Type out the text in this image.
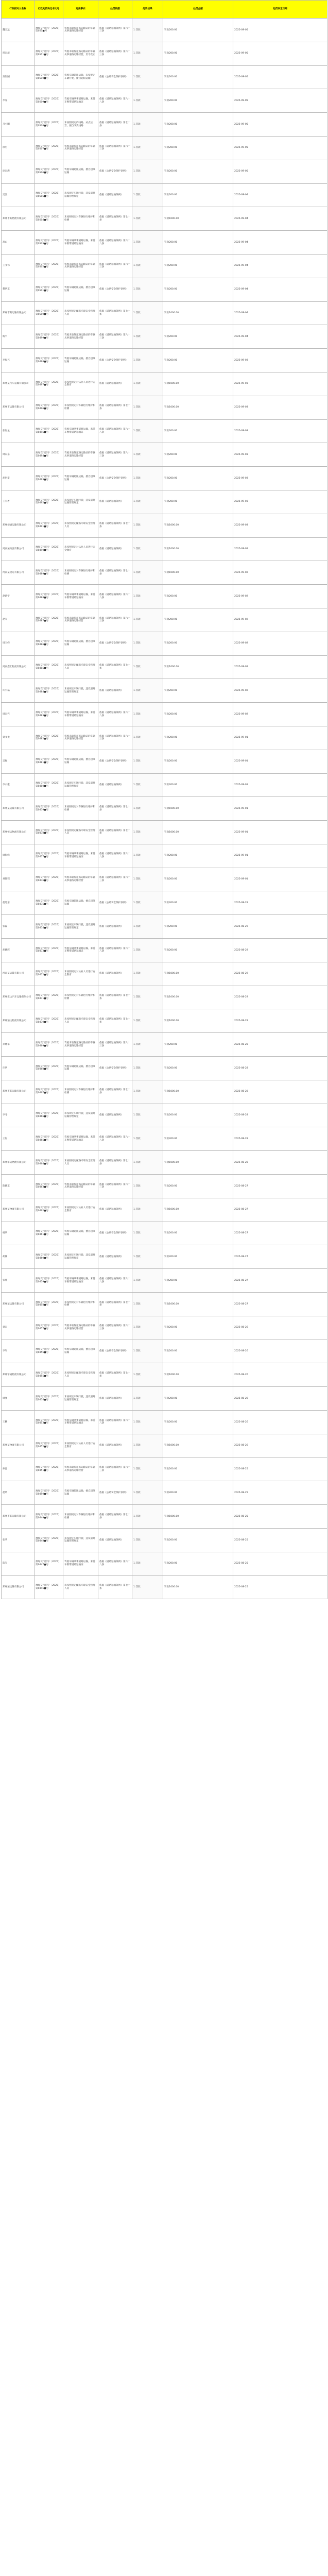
行政相对人名称	行政处罚决定书文号	违法事实	处罚依据	处罚结果	处罚金额	处罚决定日期
魏宏远	豫绿交行罚字〔2025〕第051■号	驾驶未取得道路运输证的车辆从事道路运输经营	依据《道路运输条例》第六十三条	1.罚款	罚款200.00	2025-09-05
邢东清	豫绿交行罚字〔2025〕第0511■号	驾驶未取得道路运输证的车辆从事道路运输经营，责令改正	依据《道路运输条例》第六十三条	1.罚款	罚款200.00	2025-09-05
秦世国	豫绿交行罚字〔2025〕第0510■号	驾驶车辆超限运输，未按规定车辆行驶，擅自超限运输	依据《公路安全保护条例》	1.罚款	罚款200.00	2025-09-05
李春	豫绿交行罚字〔2025〕第0509■号	驾驶车辆从事道路运输，未随车携带道路运输证	依据《道路运输条例》第六十八条	1.罚款	罚款200.00	2025-09-05
马小刚	豫绿交行罚字〔2025〕第0508■号	未按照规定的线路、站点运营，擅自改变线路	依据《道路运输条例》第七十条	1.罚款	罚款200.00	2025-09-05
邢宏	豫绿交行罚字〔2025〕第0507■号	驾驶未取得道路运输证的车辆从事道路运输经营	依据《道路运输条例》第六十三条	1.罚款	罚款200.00	2025-09-05
徐东海	豫绿交行罚字〔2025〕第0506■号	驾驶车辆超限运输，擅自超限运输	依据《公路安全保护条例》	1.罚款	罚款200.00	2025-09-05
吴江	豫绿交行罚字〔2025〕第0505■号	未按规定车辆行驶，违反道路运输管理规定	依据《道路运输条例》	1.罚款	罚款200.00	2025-09-04
郑州市某物流有限公司	豫绿交行罚字〔2025〕第0504■号	未按照规定对车辆进行维护和检测	依据《道路运输条例》第七十条	1.罚款	罚款1000.00	2025-09-04
高山	豫绿交行罚字〔2025〕第0503■号	驾驶车辆从事道路运输，未随车携带道路运输证	依据《道路运输条例》第六十八条	1.罚款	罚款200.00	2025-09-04
王文伟	豫绿交行罚字〔2025〕第0502■号	驾驶未取得道路运输证的车辆从事道路运输经营	依据《道路运输条例》第六十三条	1.罚款	罚款200.00	2025-09-04
樊明东	豫绿交行罚字〔2025〕第0501■号	驾驶车辆超限运输，擅自超限运输	依据《公路安全保护条例》	1.罚款	罚款200.00	2025-09-04
郑州市某运输有限公司	豫绿交行罚字〔2025〕第0500■号	未按照规定配备专职安全管理人员	依据《道路运输条例》第七十条	1.罚款	罚款1000.00	2025-09-04
杨宇	豫绿交行罚字〔2025〕第0499■号	驾驶未取得道路运输证的车辆从事道路运输经营	依据《道路运输条例》第六十三条	1.罚款	罚款200.00	2025-09-04
李振兴	豫绿交行罚字〔2025〕第0498■号	驾驶车辆超限运输，擅自超限运输	依据《公路安全保护条例》	1.罚款	罚款200.00	2025-09-03
郑州某汽车运输有限公司	豫绿交行罚字〔2025〕第0497■号	未按照规定对从业人员进行安全教育	依据《道路运输条例》	1.罚款	罚款1000.00	2025-09-03
郑州市运输有限公司	豫绿交行罚字〔2025〕第0496■号	未按照规定对车辆进行维护和检测	依据《道路运输条例》第七十条	1.罚款	罚款1000.00	2025-09-03
张海星	豫绿交行罚字〔2025〕第0495■号	驾驶车辆从事道路运输，未随车携带道路运输证	依据《道路运输条例》第六十八条	1.罚款	罚款200.00	2025-09-03
周东东	豫绿交行罚字〔2025〕第0494■号	驾驶未取得道路运输证的车辆从事道路运输经营	依据《道路运输条例》第六十三条	1.罚款	罚款200.00	2025-09-03
胡世豪	豫绿交行罚字〔2025〕第0493■号	驾驶车辆超限运输，擅自超限运输	依据《公路安全保护条例》	1.罚款	罚款200.00	2025-09-03
王有才	豫绿交行罚字〔2025〕第0492■号	未按规定车辆行驶，违反道路运输管理规定	依据《道路运输条例》	1.罚款	罚款200.00	2025-09-03
郑州捷通运输有限公司	豫绿交行罚字〔2025〕第0491■号	未按照规定配备专职安全管理人员	依据《道路运输条例》第七十条	1.罚款	罚款1000.00	2025-09-03
河南某物流有限公司	豫绿交行罚字〔2025〕第0490■号	未按照规定对从业人员进行安全教育	依据《道路运输条例》	1.罚款	罚款1000.00	2025-09-02
河南某货运有限公司	豫绿交行罚字〔2025〕第0489■号	未按照规定对车辆进行维护和检测	依据《道路运输条例》第七十条	1.罚款	罚款1000.00	2025-09-02
赵新宇	豫绿交行罚字〔2025〕第0488■号	驾驶车辆从事道路运输，未随车携带道路运输证	依据《道路运输条例》第六十八条	1.罚款	罚款200.00	2025-09-02
赵军	豫绿交行罚字〔2025〕第0487■号	驾驶未取得道路运输证的车辆从事道路运输经营	依据《道路运输条例》第六十三条	1.罚款	罚款200.00	2025-09-02
周玉峰	豫绿交行罚字〔2025〕第0486■号	驾驶车辆超限运输，擅自超限运输	依据《公路安全保护条例》	1.罚款	罚款200.00	2025-09-02
河南鑫汇物流有限公司	豫绿交行罚字〔2025〕第0485■号	未按照规定配备专职安全管理人员	依据《道路运输条例》第七十条	1.罚款	罚款1000.00	2025-09-02
许小磊	豫绿交行罚字〔2025〕第0484■号	未按规定车辆行驶，违反道路运输管理规定	依据《道路运输条例》	1.罚款	罚款200.00	2025-09-02
周东亮	豫绿交行罚字〔2025〕第0483■号	驾驶车辆从事道路运输，未随车携带道路运输证	依据《道路运输条例》第六十八条	1.罚款	罚款200.00	2025-09-02
刘文龙	豫绿交行罚字〔2025〕第0482■号	驾驶未取得道路运输证的车辆从事道路运输经营	依据《道路运输条例》第六十三条	1.罚款	罚款200.00	2025-09-01
吴振	豫绿交行罚字〔2025〕第0481■号	驾驶车辆超限运输，擅自超限运输	依据《公路安全保护条例》	1.罚款	罚款200.00	2025-09-01
李小康	豫绿交行罚字〔2025〕第0480■号	未按规定车辆行驶，违反道路运输管理规定	依据《道路运输条例》	1.罚款	罚款200.00	2025-09-01
郑州某运输有限公司	豫绿交行罚字〔2025〕第0479■号	未按照规定对车辆进行维护和检测	依据《道路运输条例》第七十条	1.罚款	罚款1000.00	2025-09-01
郑州恒运物流有限公司	豫绿交行罚字〔2025〕第0478■号	未按照规定配备专职安全管理人员	依据《道路运输条例》第七十条	1.罚款	罚款1000.00	2025-09-01
周海峰	豫绿交行罚字〔2025〕第0477■号	驾驶车辆从事道路运输，未随车携带道路运输证	依据《道路运输条例》第六十八条	1.罚款	罚款200.00	2025-09-01
刘锦程	豫绿交行罚字〔2025〕第0476■号	驾驶未取得道路运输证的车辆从事道路运输经营	依据《道路运输条例》第六十三条	1.罚款	罚款200.00	2025-09-01
赵旭东	豫绿交行罚字〔2025〕第0475■号	驾驶车辆超限运输，擅自超限运输	依据《公路安全保护条例》	1.罚款	罚款200.00	2025-08-29
张磊	豫绿交行罚字〔2025〕第0474■号	未按规定车辆行驶，违反道路运输管理规定	依据《道路运输条例》	1.罚款	罚款200.00	2025-08-29
胡晓辉	豫绿交行罚字〔2025〕第0473■号	驾驶车辆从事道路运输，未随车携带道路运输证	依据《道路运输条例》第六十八条	1.罚款	罚款200.00	2025-08-29
河南某运输有限公司	豫绿交行罚字〔2025〕第0472■号	未按照规定对从业人员进行安全教育	依据《道路运输条例》	1.罚款	罚款1000.00	2025-08-29
郑州宏达汽车运输有限公司	豫绿交行罚字〔2025〕第0471■号	未按照规定对车辆进行维护和检测	依据《道路运输条例》第七十条	1.罚款	罚款1000.00	2025-08-29
郑州通达物流有限公司	豫绿交行罚字〔2025〕第0470■号	未按照规定配备专职安全管理人员	依据《道路运输条例》第七十条	1.罚款	罚款1000.00	2025-08-29
孙建军	豫绿交行罚字〔2025〕第0469■号	驾驶未取得道路运输证的车辆从事道路运输经营	依据《道路运输条例》第六十三条	1.罚款	罚款200.00	2025-08-28
许明	豫绿交行罚字〔2025〕第0468■号	驾驶车辆超限运输，擅自超限运输	依据《公路安全保护条例》	1.罚款	罚款200.00	2025-08-28
郑州市某运输有限公司	豫绿交行罚字〔2025〕第0467■号	未按照规定对车辆进行维护和检测	依据《道路运输条例》第七十条	1.罚款	罚款1000.00	2025-08-28
李冬	豫绿交行罚字〔2025〕第0466■号	未按规定车辆行驶，违反道路运输管理规定	依据《道路运输条例》	1.罚款	罚款200.00	2025-08-28
王海	豫绿交行罚字〔2025〕第0465■号	驾驶车辆从事道路运输，未随车携带道路运输证	依据《道路运输条例》第六十八条	1.罚款	罚款200.00	2025-08-28
郑州华运物流有限公司	豫绿交行罚字〔2025〕第0464■号	未按照规定配备专职安全管理人员	依据《道路运输条例》第七十条	1.罚款	罚款1000.00	2025-08-28
陈晓东	豫绿交行罚字〔2025〕第0463■号	驾驶未取得道路运输证的车辆从事道路运输经营	依据《道路运输条例》第六十三条	1.罚款	罚款200.00	2025-08-27
郑州某物流有限公司	豫绿交行罚字〔2025〕第0462■号	未按照规定对从业人员进行安全教育	依据《道路运输条例》	1.罚款	罚款1000.00	2025-08-27
杨明	豫绿交行罚字〔2025〕第0461■号	驾驶车辆超限运输，擅自超限运输	依据《公路安全保护条例》	1.罚款	罚款200.00	2025-08-27
胡刚	豫绿交行罚字〔2025〕第0460■号	未按规定车辆行驶，违反道路运输管理规定	依据《道路运输条例》	1.罚款	罚款200.00	2025-08-27
张伟	豫绿交行罚字〔2025〕第0459■号	驾驶车辆从事道路运输，未随车携带道路运输证	依据《道路运输条例》第六十八条	1.罚款	罚款200.00	2025-08-27
郑州某运输有限公司	豫绿交行罚字〔2025〕第0458■号	未按照规定对车辆进行维护和检测	依据《道路运输条例》第七十条	1.罚款	罚款1000.00	2025-08-27
刘东	豫绿交行罚字〔2025〕第0457■号	驾驶未取得道路运输证的车辆从事道路运输经营	依据《道路运输条例》第六十三条	1.罚款	罚款200.00	2025-08-26
李军	豫绿交行罚字〔2025〕第0456■号	驾驶车辆超限运输，擅自超限运输	依据《公路安全保护条例》	1.罚款	罚款200.00	2025-08-26
郑州宇通物流有限公司	豫绿交行罚字〔2025〕第0455■号	未按照规定配备专职安全管理人员	依据《道路运输条例》第七十条	1.罚款	罚款1000.00	2025-08-26
周强	豫绿交行罚字〔2025〕第0454■号	未按规定车辆行驶，违反道路运输管理规定	依据《道路运输条例》	1.罚款	罚款200.00	2025-08-26
王鹏	豫绿交行罚字〔2025〕第0453■号	驾驶车辆从事道路运输，未随车携带道路运输证	依据《道路运输条例》第六十八条	1.罚款	罚款200.00	2025-08-26
郑州某物流有限公司	豫绿交行罚字〔2025〕第0452■号	未按照规定对从业人员进行安全教育	依据《道路运输条例》	1.罚款	罚款1000.00	2025-08-26
孙磊	豫绿交行罚字〔2025〕第0451■号	驾驶未取得道路运输证的车辆从事道路运输经营	依据《道路运输条例》第六十三条	1.罚款	罚款200.00	2025-08-25
赵明	豫绿交行罚字〔2025〕第0450■号	驾驶车辆超限运输，擅自超限运输	依据《公路安全保护条例》	1.罚款	罚款200.00	2025-08-25
郑州市某运输有限公司	豫绿交行罚字〔2025〕第0449■号	未按照规定对车辆进行维护和检测	依据《道路运输条例》第七十条	1.罚款	罚款1000.00	2025-08-25
张华	豫绿交行罚字〔2025〕第0448■号	未按规定车辆行驶，违反道路运输管理规定	依据《道路运输条例》	1.罚款	罚款200.00	2025-08-25
陈军	豫绿交行罚字〔2025〕第0447■号	驾驶车辆从事道路运输，未随车携带道路运输证	依据《道路运输条例》第六十八条	1.罚款	罚款200.00	2025-08-25
郑州某运输有限公司	豫绿交行罚字〔2025〕第0446■号	未按照规定配备专职安全管理人员	依据《道路运输条例》第七十条	1.罚款	罚款1000.00	2025-08-25
